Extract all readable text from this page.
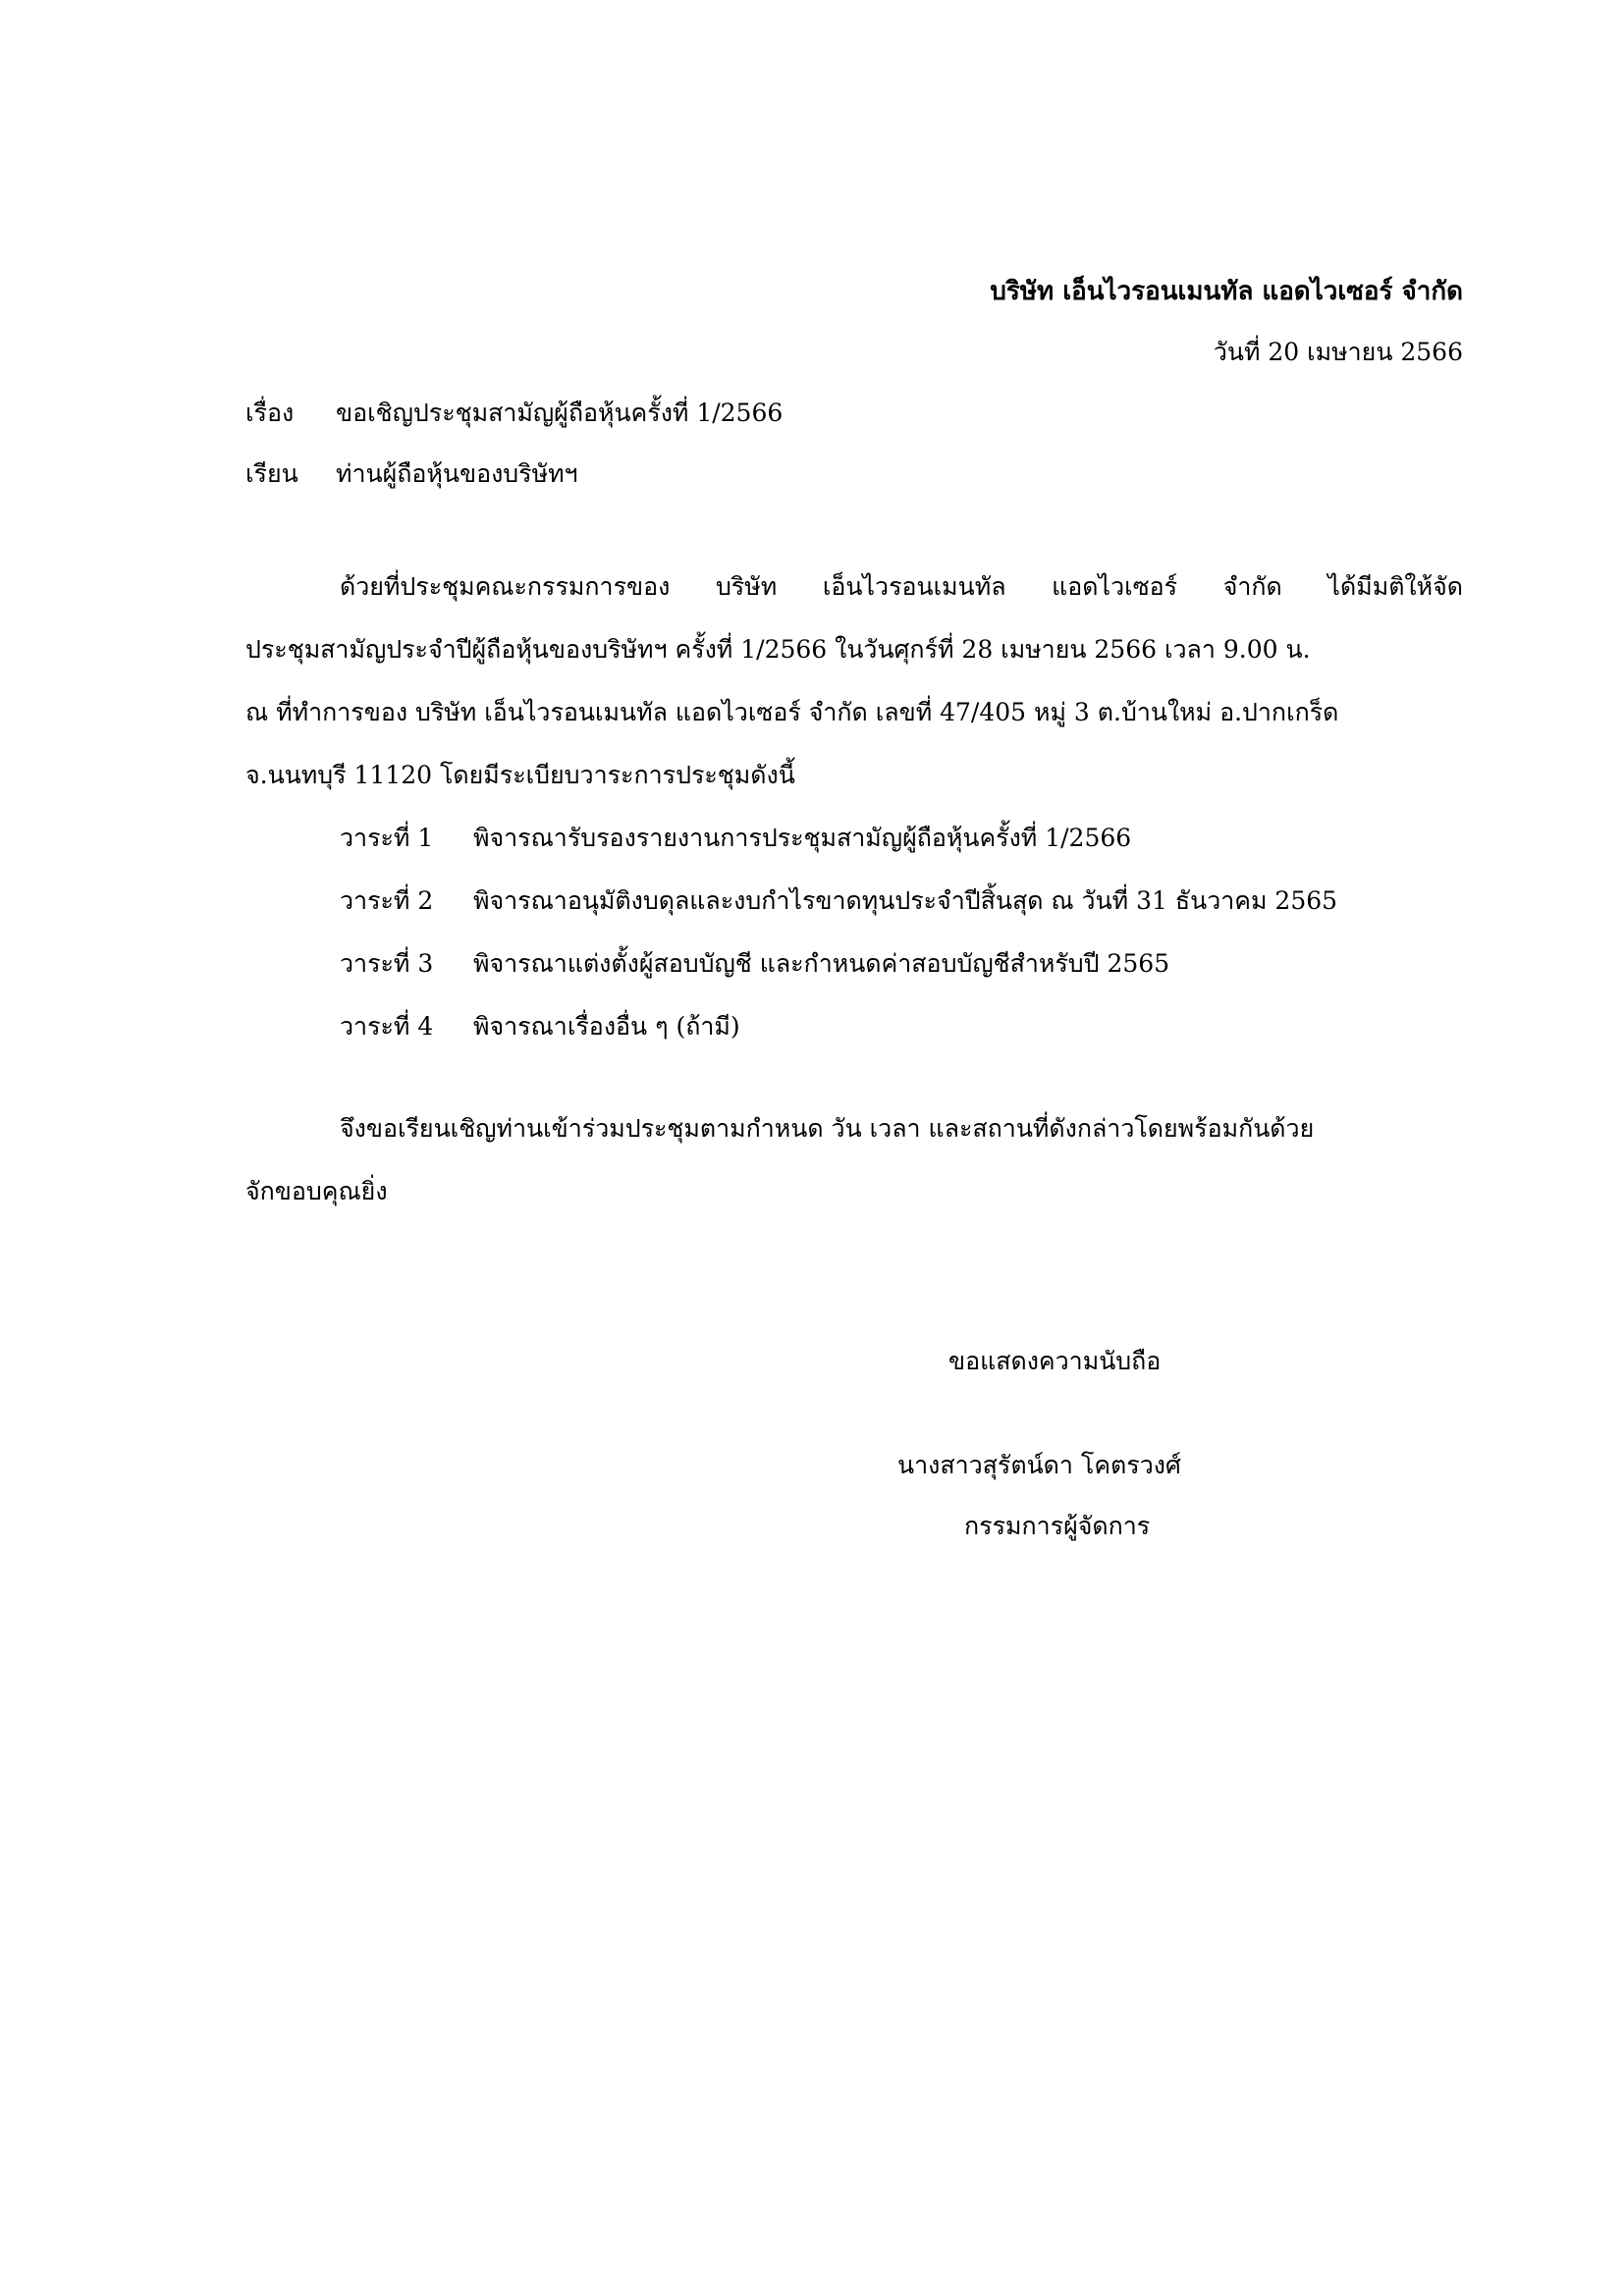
บริษัท เอ็นไวรอนเมนทัล แอดไวเซอร์ จำกัด
วันที่ 20 เมษายน 2566
เรื่อง ขอเชิญประชุมสามัญผู้ถือหุ้นครั้งที่ 1/2566
เรียน ท่านผู้ถือหุ้นของบริษัทฯ
ด้วยที่ประชุมคณะกรรมการของ บริษัท เอ็นไวรอนเมนทัล แอดไวเซอร์ จำกัด ได้มีมติให้จัด
ประชุมสามัญประจำปีผู้ถือหุ้นของบริษัทฯ ครั้งที่ 1/2566 ในวันศุกร์ที่ 28 เมษายน 2566 เวลา 9.00 น.
ณ ที่ทำการของ บริษัท เอ็นไวรอนเมนทัล แอดไวเซอร์ จำกัด เลขที่ 47/405 หมู่ 3 ต.บ้านใหม่ อ.ปากเกร็ด
จ.นนทบุรี 11120 โดยมีระเบียบวาระการประชุมดังนี้
วาระที่ 1 พิจารณารับรองรายงานการประชุมสามัญผู้ถือหุ้นครั้งที่ 1/2566
วาระที่ 2 พิจารณาอนุมัติงบดุลและงบกำไรขาดทุนประจำปีสิ้นสุด ณ วันที่ 31 ธันวาคม 2565
วาระที่ 3 พิจารณาแต่งตั้งผู้สอบบัญชี และกำหนดค่าสอบบัญชีสำหรับปี 2565
วาระที่ 4 พิจารณาเรื่องอื่น ๆ (ถ้ามี)
จึงขอเรียนเชิญท่านเข้าร่วมประชุมตามกำหนด วัน เวลา และสถานที่ดังกล่าวโดยพร้อมกันด้วย
จักขอบคุณยิ่ง
ขอแสดงความนับถือ
นางสาวสุรัตน์ดา โคตรวงศ์
กรรมการผู้จัดการ
